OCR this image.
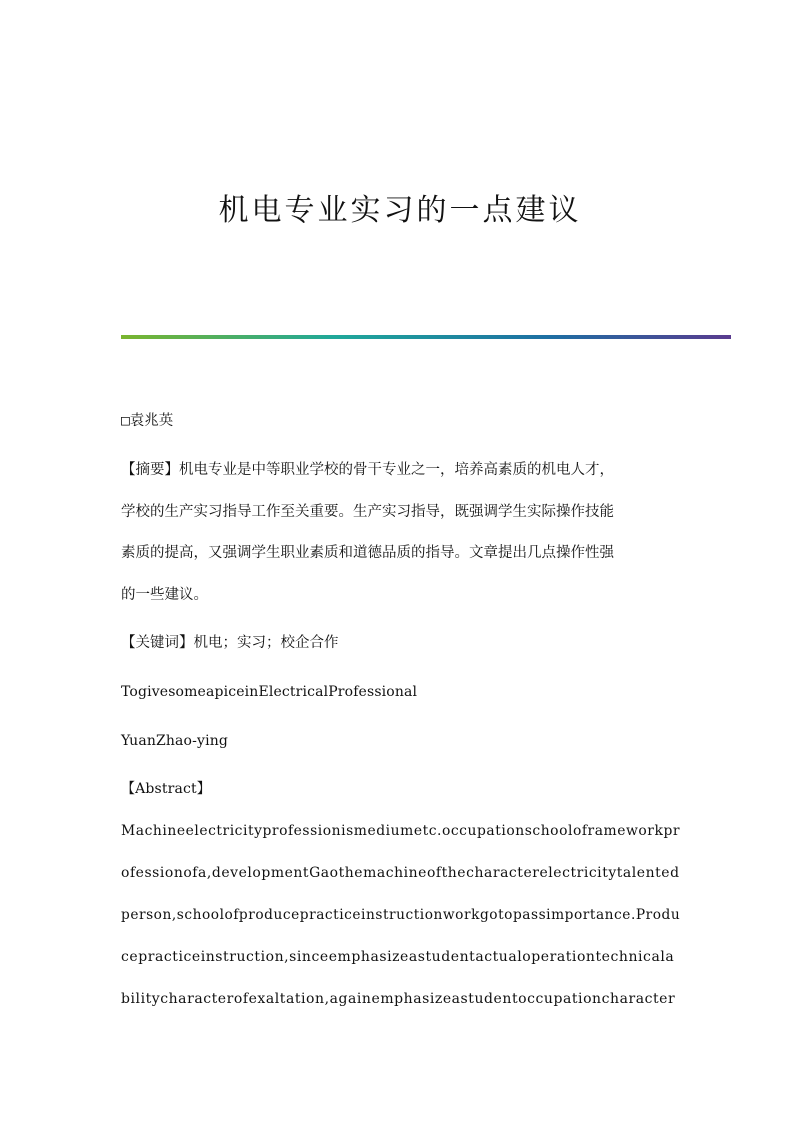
机电专业实习的一点建议
□袁兆英
【摘要】机电专业是中等职业学校的骨干专业之一，培养高素质的机电人才，
学校的生产实习指导工作至关重要。生产实习指导，既强调学生实际操作技能
素质的提高，又强调学生职业素质和道德品质的指导。文章提出几点操作性强
的一些建议。
【关键词】机电；实习；校企合作
TogivesomeapiceinElectricalProfessional
YuanZhao-ying
【Abstract】
Machineelectricityprofessionismediumetc.occupationschooloframeworkpr
ofessionofa,developmentGaothemachineofthecharacterelectricitytalented
person,schoolofproducepracticeinstructionworkgotopassimportance.Produ
cepracticeinstruction,sinceemphasizeastudentactualoperationtechnicala
bilitycharacterofexaltation,againemphasizeastudentoccupationcharacter
